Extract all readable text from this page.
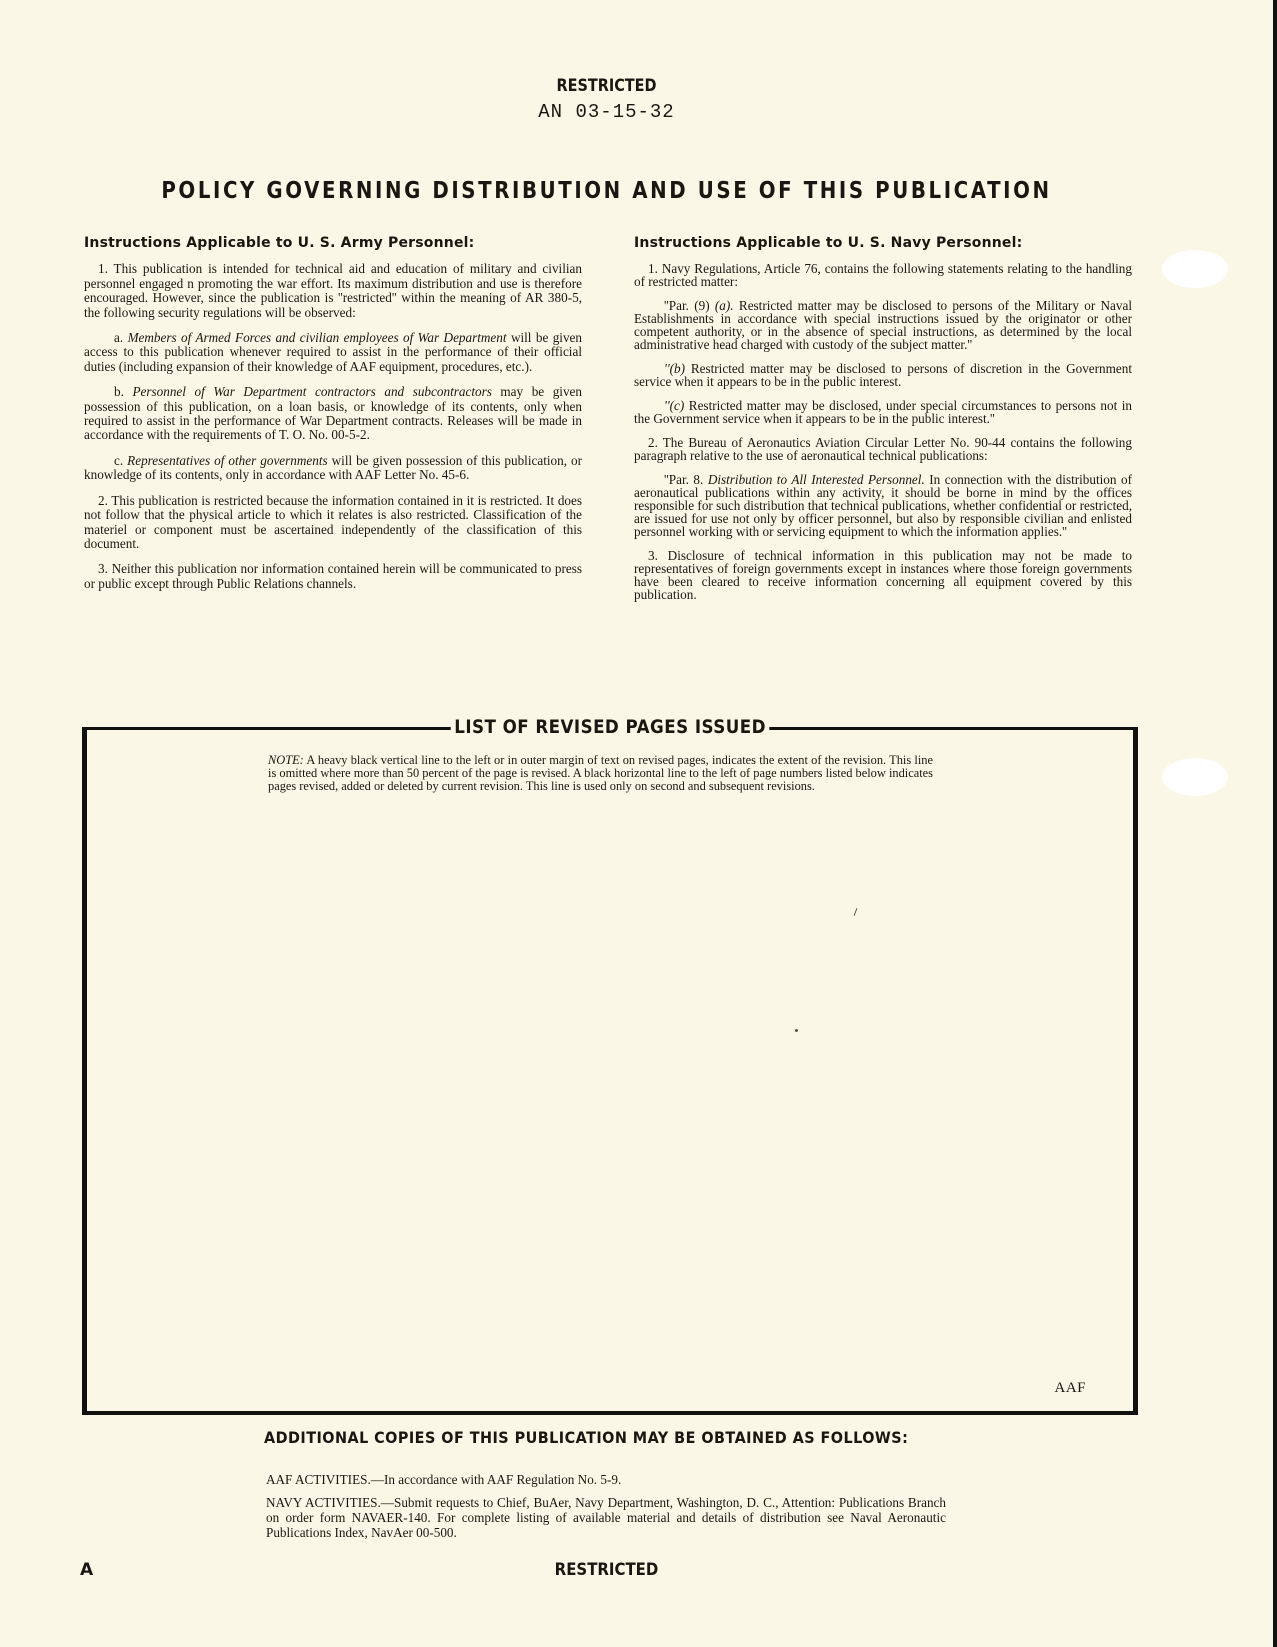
RESTRICTED
AN 03-15-32
POLICY GOVERNING DISTRIBUTION AND USE OF THIS PUBLICATION
Instructions Applicable to U. S. Army Personnel:

1. This publication is intended for technical aid and education of military and civilian personnel engaged n promoting the war effort. Its maximum distribution and use is therefore encouraged. However, since the publication is ''restricted'' within the meaning of AR 380-5, the following security regulations will be observed:

a. Members of Armed Forces and civilian employees of War Department will be given access to this publication whenever required to assist in the performance of their official duties (including expansion of their knowledge of AAF equipment, procedures, etc.).

b. Personnel of War Department contractors and subcontractors may be given possession of this publication, on a loan basis, or knowledge of its contents, only when required to assist in the performance of War Department contracts. Releases will be made in accordance with the requirements of T. O. No. 00-5-2.

c. Representatives of other governments will be given possession of this publication, or knowledge of its contents, only in accordance with AAF Letter No. 45-6.

2. This publication is restricted because the information contained in it is restricted. It does not follow that the physical article to which it relates is also restricted. Classification of the materiel or component must be ascertained independently of the classification of this document.

3. Neither this publication nor information contained herein will be communicated to press or public except through Public Relations channels.

Instructions Applicable to U. S. Navy Personnel:

1. Navy Regulations, Article 76, contains the following statements relating to the handling of restricted matter:

''Par. (9) (a). Restricted matter may be disclosed to persons of the Military or Naval Establishments in accordance with special instructions issued by the originator or other competent authority, or in the absence of special instructions, as determined by the local administrative head charged with custody of the subject matter.''

''(b) Restricted matter may be disclosed to persons of discretion in the Government service when it appears to be in the public interest.

''(c) Restricted matter may be disclosed, under special circumstances to persons not in the Government service when it appears to be in the public interest.''

2. The Bureau of Aeronautics Aviation Circular Letter No. 90-44 contains the following paragraph relative to the use of aeronautical technical publications:

''Par. 8. Distribution to All Interested Personnel. In connection with the distribution of aeronautical publications within any activity, it should be borne in mind by the offices responsible for such distribution that technical publications, whether confidential or restricted, are issued for use not only by officer personnel, but also by responsible civilian and enlisted personnel working with or servicing equipment to which the information applies.''

3. Disclosure of technical information in this publication may not be made to representatives of foreign governments except in instances where those foreign governments have been cleared to receive information concerning all equipment covered by this publication.

LIST OF REVISED PAGES ISSUED
NOTE: A heavy black vertical line to the left or in outer margin of text on revised pages, indicates the extent of the revision. This line is omitted where more than 50 percent of the page is revised. A black horizontal line to the left of page numbers listed below indicates pages revised, added or deleted by current revision. This line is used only on second and subsequent revisions.
AAF
ADDITIONAL COPIES OF THIS PUBLICATION MAY BE OBTAINED AS FOLLOWS:
AAF ACTIVITIES.—In accordance with AAF Regulation No. 5-9.
NAVY ACTIVITIES.—Submit requests to Chief, BuAer, Navy Department, Washington, D. C., Attention: Publications Branch on order form NAVAER-140. For complete listing of available material and details of distribution see Naval Aeronautic Publications Index, NavAer 00-500.
A	RESTRICTED
